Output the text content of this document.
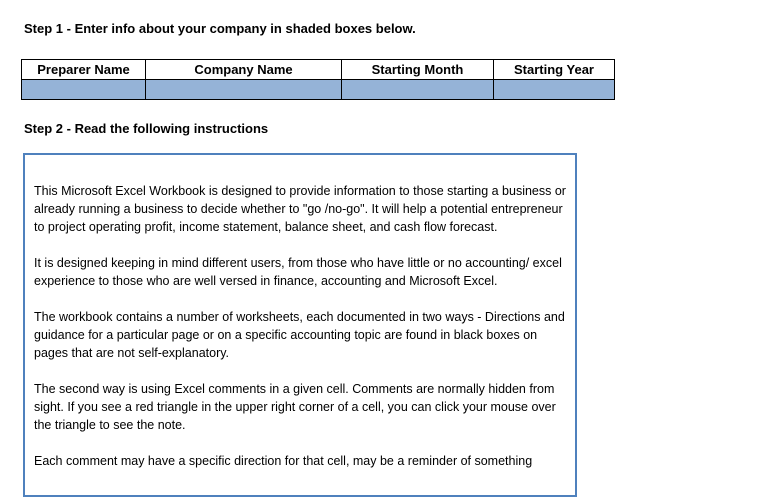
Step 1 - Enter info about your company in shaded boxes below.
Preparer Name	Company Name	Starting Month	Starting Year

Step 2 - Read the following instructions

This Microsoft Excel Workbook is designed to provide information to those starting a business or already running a business to decide whether to "go /no-go". It will help a potential entrepreneur to project operating profit, income statement, balance sheet, and cash flow forecast.

It is designed keeping in mind different users, from those who have little or no accounting/ excel experience to those who are well versed in finance, accounting and Microsoft Excel.

The workbook contains a number of worksheets, each documented in two ways - Directions and guidance for a particular page or on a specific accounting topic are found in black boxes on pages that are not self-explanatory.

The second way is using Excel comments in a given cell. Comments are normally hidden from sight. If you see a red triangle in the upper right corner of a cell, you can click your mouse over the triangle to see the note.

Each comment may have a specific direction for that cell, may be a reminder of something
